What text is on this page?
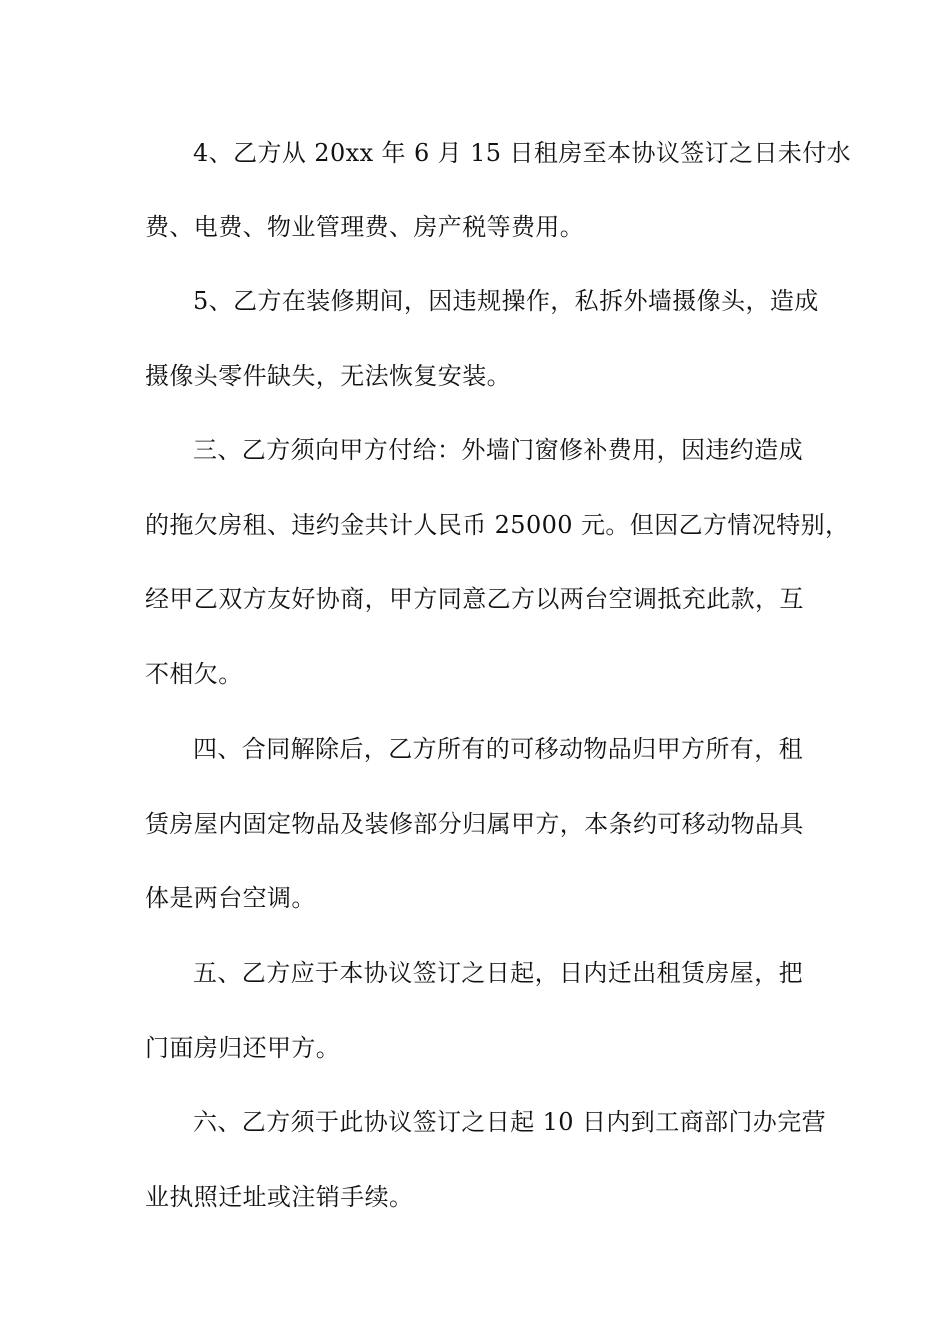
4、乙方从 20xx 年 6 月 15 日租房至本协议签订之日未付水
费、电费、物业管理费、房产税等费用。
5、乙方在装修期间，因违规操作，私拆外墙摄像头，造成
摄像头零件缺失，无法恢复安装。
三、乙方须向甲方付给：外墙门窗修补费用，因违约造成
的拖欠房租、违约金共计人民币 25000 元。但因乙方情况特别，
经甲乙双方友好协商，甲方同意乙方以两台空调抵充此款，互
不相欠。
四、合同解除后，乙方所有的可移动物品归甲方所有，租
赁房屋内固定物品及装修部分归属甲方，本条约可移动物品具
体是两台空调。
五、乙方应于本协议签订之日起，日内迁出租赁房屋，把
门面房归还甲方。
六、乙方须于此协议签订之日起 10 日内到工商部门办完营
业执照迁址或注销手续。
